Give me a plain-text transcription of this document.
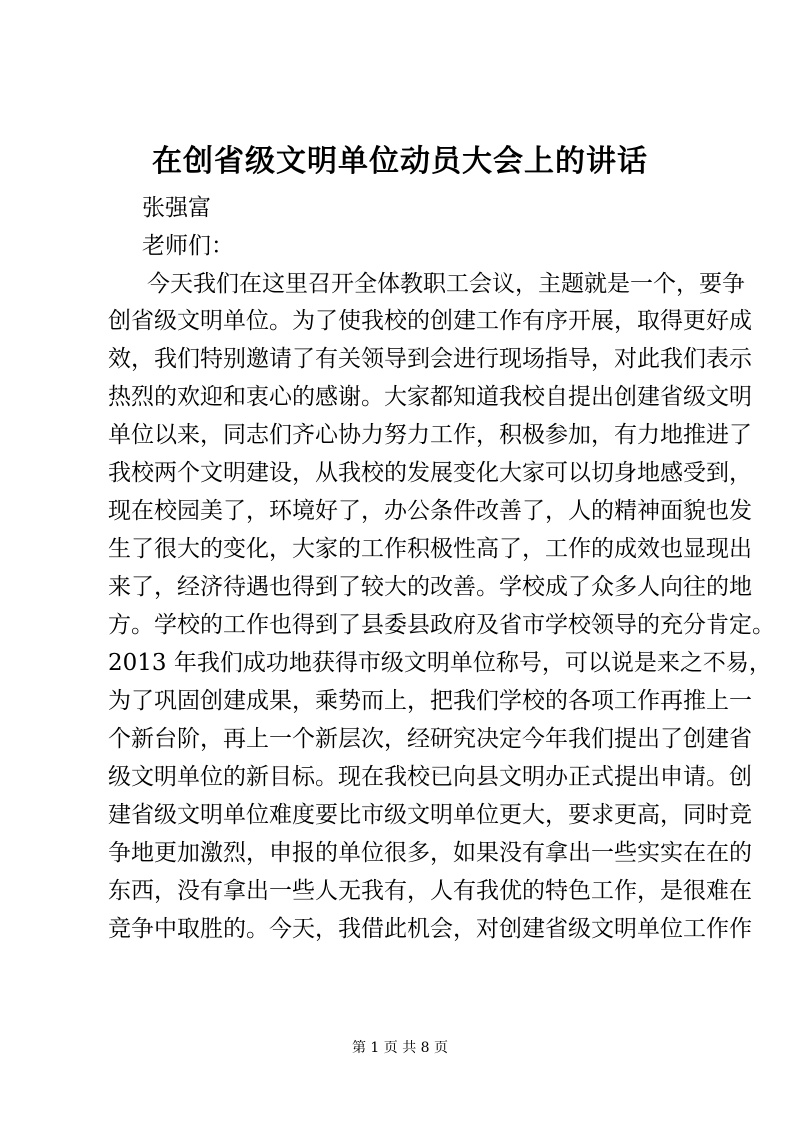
在创省级文明单位动员大会上的讲话
张强富
老师们：
今天我们在这里召开全体教职工会议，主题就是一个，要争
创省级文明单位。为了使我校的创建工作有序开展，取得更好成
效，我们特别邀请了有关领导到会进行现场指导，对此我们表示
热烈的欢迎和衷心的感谢。大家都知道我校自提出创建省级文明
单位以来，同志们齐心协力努力工作，积极参加，有力地推进了
我校两个文明建设，从我校的发展变化大家可以切身地感受到，
现在校园美了，环境好了，办公条件改善了，人的精神面貌也发
生了很大的变化，大家的工作积极性高了，工作的成效也显现出
来了，经济待遇也得到了较大的改善。学校成了众多人向往的地
方。学校的工作也得到了县委县政府及省市学校领导的充分肯定。
2013 年我们成功地获得市级文明单位称号，可以说是来之不易，
为了巩固创建成果，乘势而上，把我们学校的各项工作再推上一
个新台阶，再上一个新层次，经研究决定今年我们提出了创建省
级文明单位的新目标。现在我校已向县文明办正式提出申请。创
建省级文明单位难度要比市级文明单位更大，要求更高，同时竞
争地更加激烈，申报的单位很多，如果没有拿出一些实实在在的
东西，没有拿出一些人无我有，人有我优的特色工作，是很难在
竞争中取胜的。今天，我借此机会，对创建省级文明单位工作作
第 1 页 共 8 页
